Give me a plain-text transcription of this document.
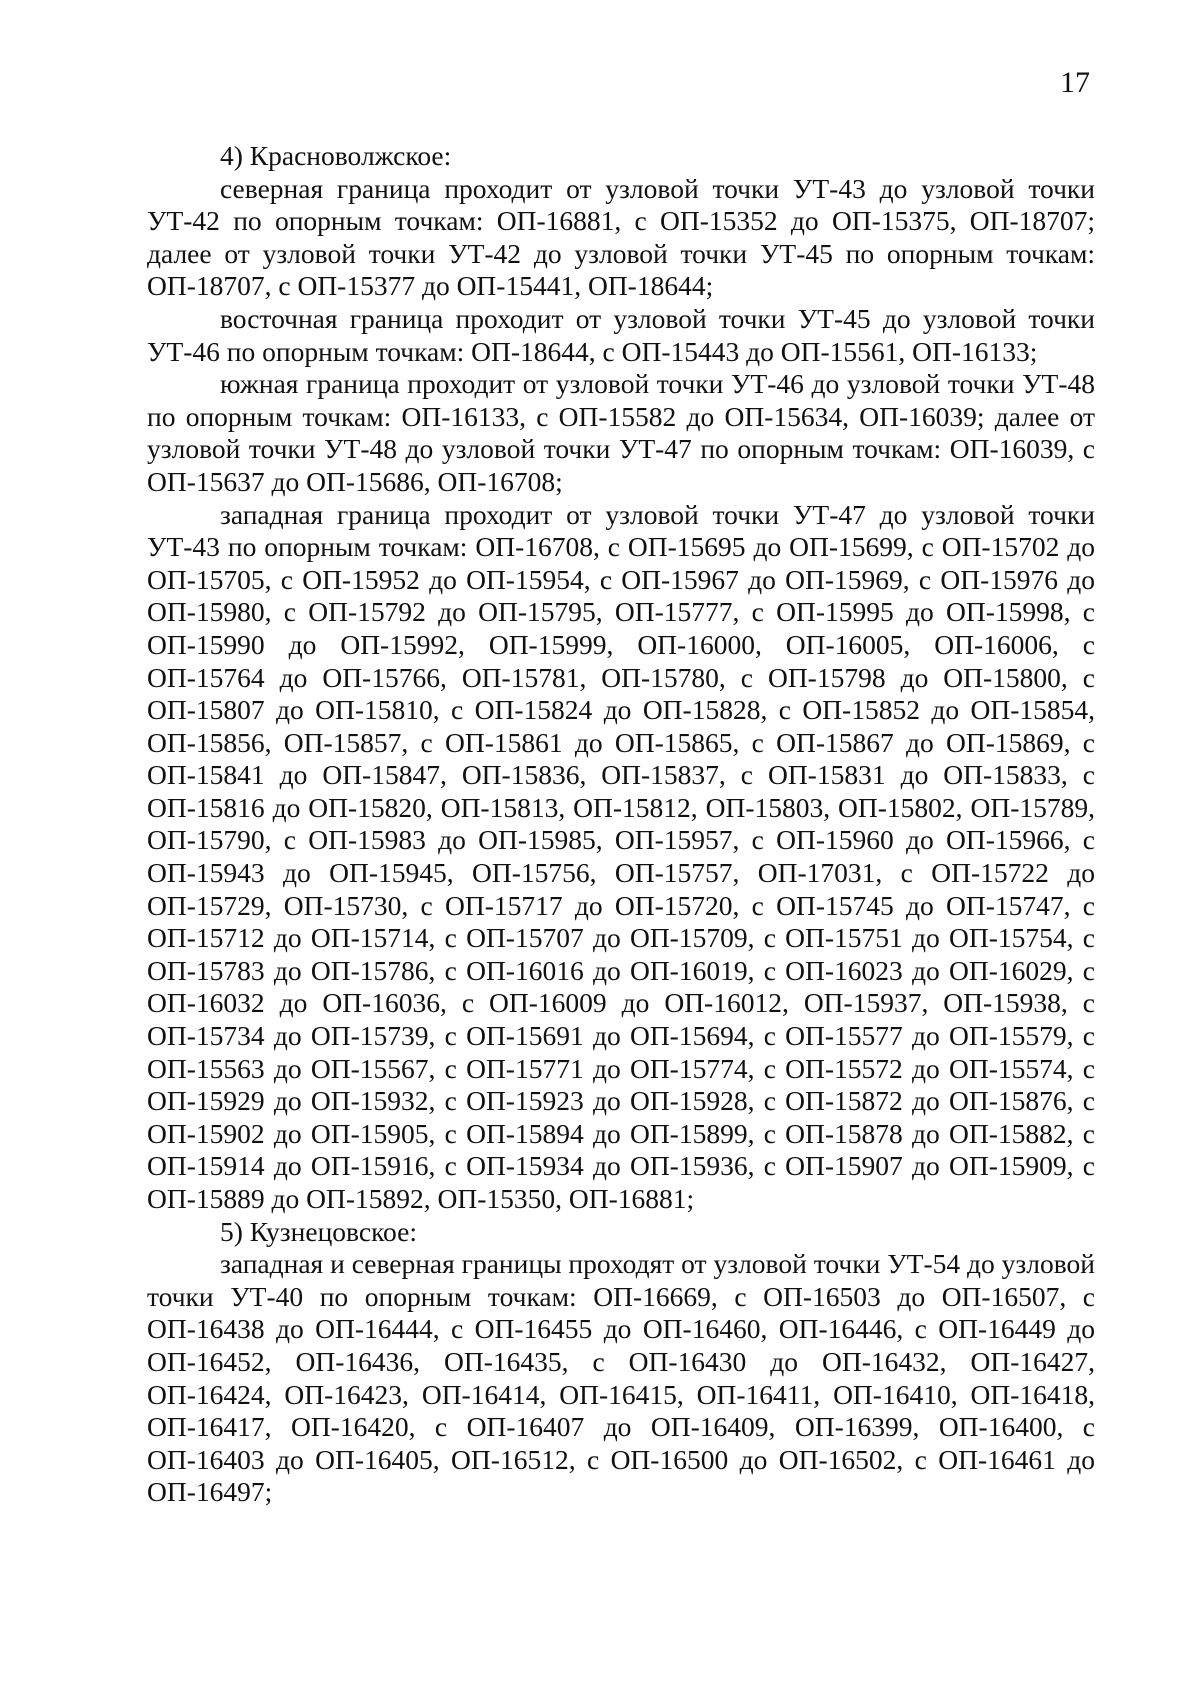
17

4) Красноволжское:

северная граница проходит от узловой точки УТ-43 до узловой точки УТ-42 по опорным точкам: ОП-16881, с ОП-15352 до ОП-15375, ОП-18707; далее от узловой точки УТ-42 до узловой точки УТ-45 по опорным точкам: ОП-18707, с ОП-15377 до ОП-15441, ОП-18644;

восточная граница проходит от узловой точки УТ-45 до узловой точки УТ-46 по опорным точкам: ОП-18644, с ОП-15443 до ОП-15561, ОП-16133;

южная граница проходит от узловой точки УТ-46 до узловой точки УТ-48 по опорным точкам: ОП-16133, с ОП-15582 до ОП-15634, ОП-16039; далее от узловой точки УТ-48 до узловой точки УТ-47 по опорным точкам: ОП-16039, с ОП-15637 до ОП-15686, ОП-16708;

западная граница проходит от узловой точки УТ-47 до узловой точки УТ-43 по опорным точкам: ОП-16708, с ОП-15695 до ОП-15699, с ОП-15702 до ОП-15705, с ОП-15952 до ОП-15954, с ОП-15967 до ОП-15969, с ОП-15976 до ОП-15980, с ОП-15792 до ОП-15795, ОП-15777, с ОП-15995 до ОП-15998, с ОП-15990 до ОП-15992, ОП-15999, ОП-16000, ОП-16005, ОП-16006, с ОП-15764 до ОП-15766, ОП-15781, ОП-15780, с ОП-15798 до ОП-15800, с ОП-15807 до ОП-15810, с ОП-15824 до ОП-15828, с ОП-15852 до ОП-15854, ОП-15856, ОП-15857, с ОП-15861 до ОП-15865, с ОП-15867 до ОП-15869, с ОП-15841 до ОП-15847, ОП-15836, ОП-15837, с ОП-15831 до ОП-15833, с ОП-15816 до ОП-15820, ОП-15813, ОП-15812, ОП-15803, ОП-15802, ОП-15789, ОП-15790, с ОП-15983 до ОП-15985, ОП-15957, с ОП-15960 до ОП-15966, с ОП-15943 до ОП-15945, ОП-15756, ОП-15757, ОП-17031, с ОП-15722 до ОП-15729, ОП-15730, с ОП-15717 до ОП-15720, с ОП-15745 до ОП-15747, с ОП-15712 до ОП-15714, с ОП-15707 до ОП-15709, с ОП-15751 до ОП-15754, с ОП-15783 до ОП-15786, с ОП-16016 до ОП-16019, с ОП-16023 до ОП-16029, с ОП-16032 до ОП-16036, с ОП-16009 до ОП-16012, ОП-15937, ОП-15938, с ОП-15734 до ОП-15739, с ОП-15691 до ОП-15694, с ОП-15577 до ОП-15579, с ОП-15563 до ОП-15567, с ОП-15771 до ОП-15774, с ОП-15572 до ОП-15574, с ОП-15929 до ОП-15932, с ОП-15923 до ОП-15928, с ОП-15872 до ОП-15876, с ОП-15902 до ОП-15905, с ОП-15894 до ОП-15899, с ОП-15878 до ОП-15882, с ОП-15914 до ОП-15916, с ОП-15934 до ОП-15936, с ОП-15907 до ОП-15909, с ОП-15889 до ОП-15892, ОП-15350, ОП-16881;

5) Кузнецовское:

западная и северная границы проходят от узловой точки УТ-54 до узловой точки УТ-40 по опорным точкам: ОП-16669, с ОП-16503 до ОП-16507, с ОП-16438 до ОП-16444, с ОП-16455 до ОП-16460, ОП-16446, с ОП-16449 до ОП-16452, ОП-16436, ОП-16435, с ОП-16430 до ОП-16432, ОП-16427, ОП-16424, ОП-16423, ОП-16414, ОП-16415, ОП-16411, ОП-16410, ОП-16418, ОП-16417, ОП-16420, с ОП-16407 до ОП-16409, ОП-16399, ОП-16400, с ОП-16403 до ОП-16405, ОП-16512, с ОП-16500 до ОП-16502, с ОП-16461 до ОП-16497;
